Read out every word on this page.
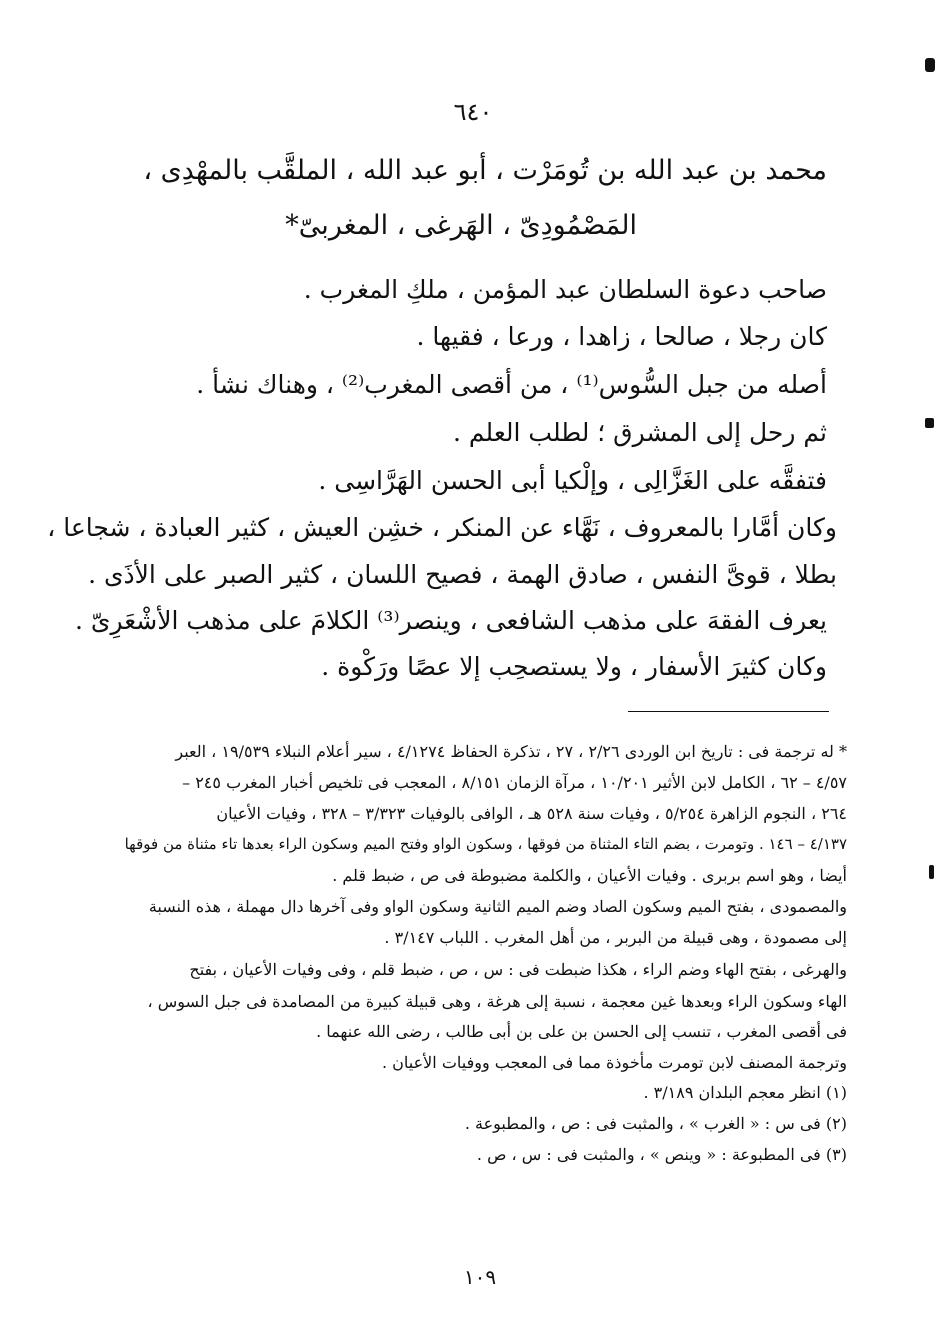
٦٤٠
محمد بن عبد الله بن تُومَرْت ، أبو عبد الله ، الملقَّب بالمهْدِى ،
المَصْمُودِىّ ، الهَرغى ، المغربىّ*
صاحب دعوة السلطان عبد المؤمن ، ملكِ المغرب .
كان رجلا ، صالحا ، زاهدا ، ورعا ، فقيها .
أصله من جبل السُّوس⁽¹⁾ ، من أقصى المغرب⁽²⁾ ، وهناك نشأ .
ثم رحل إلى المشرق ؛ لطلب العلم .
فتفقَّه على الغَزَّالِى ، وإلْكيا أبى الحسن الهَرَّاسِى .
وكان أمَّارا بالمعروف ، نَهَّاء عن المنكر ، خشِن العيش ، كثير العبادة ، شجاعا ،
بطلا ، قوىَّ النفس ، صادق الهمة ، فصيح اللسان ، كثير الصبر على الأذَى .
يعرف الفقهَ على مذهب الشافعى ، وينصر⁽³⁾ الكلامَ على مذهب الأشْعَرِىّ .
وكان كثيرَ الأسفار ، ولا يستصحِب إلا عصًا ورَكْوة .
* له ترجمة فى : تاريخ ابن الوردى ٢/٢٦ ، ٢٧ ، تذكرة الحفاظ ٤/١٢٧٤ ، سير أعلام النبلاء ١٩/٥٣٩ ، العبر
٤/٥٧ – ٦٢ ، الكامل لابن الأثير ١٠/٢٠١ ، مرآة الزمان ٨/١٥١ ، المعجب فى تلخيص أخبار المغرب ٢٤٥ –
٢٦٤ ، النجوم الزاهرة ٥/٢٥٤ ، وفيات سنة ٥٢٨ هـ ، الوافى بالوفيات ٣/٣٢٣ – ٣٢٨ ، وفيات الأعيان
٤/١٣٧ – ١٤٦ . وتومرت ، بضم التاء المثناة من فوقها ، وسكون الواو وفتح الميم وسكون الراء بعدها تاء مثناة من فوقها
أيضا ، وهو اسم بربرى . وفيات الأعيان ، والكلمة مضبوطة فى ص ، ضبط قلم .
والمصمودى ، بفتح الميم وسكون الصاد وضم الميم الثانية وسكون الواو وفى آخرها دال مهملة ، هذه النسبة
إلى مصمودة ، وهى قبيلة من البربر ، من أهل المغرب . اللباب ٣/١٤٧ .
والهرغى ، بفتح الهاء وضم الراء ، هكذا ضبطت فى : س ، ص ، ضبط قلم ، وفى وفيات الأعيان ، بفتح
الهاء وسكون الراء وبعدها غين معجمة ، نسبة إلى هرغة ، وهى قبيلة كبيرة من المصامدة فى جبل السوس ،
فى أقصى المغرب ، تنسب إلى الحسن بن على بن أبى طالب ، رضى الله عنهما .
وترجمة المصنف لابن تومرت مأخوذة مما فى المعجب ووفيات الأعيان .
(١) انظر معجم البلدان ٣/١٨٩ .
(٢) فى س : « الغرب » ، والمثبت فى : ص ، والمطبوعة .
(٣) فى المطبوعة : « وينص » ، والمثبت فى : س ، ص .
١٠٩
